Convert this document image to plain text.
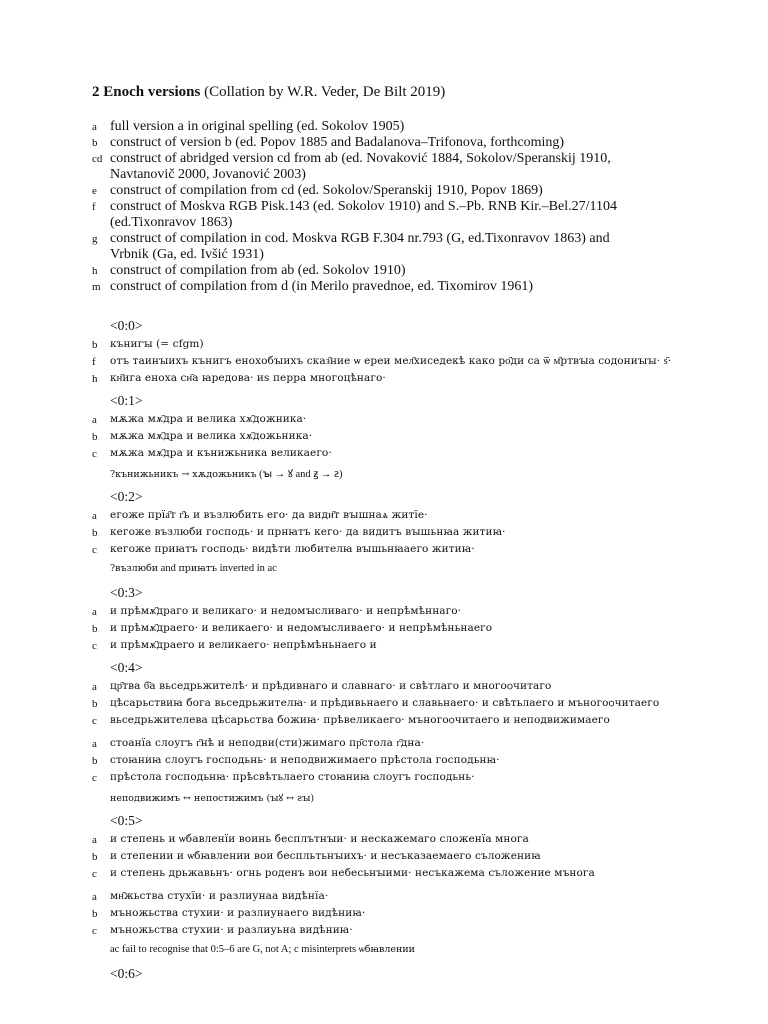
2 Enoch versions (Collation by W.R. Veder, De Bilt 2019)
a full version a in original spelling (ed. Sokolov 1905)
b construct of version b (ed. Popov 1885 and Badalanova–Trifonova, forthcoming)
cd construct of abridged version cd from ab (ed. Novaković 1884, Sokolov/Speranskij 1910,
Navtanovič 2000, Jovanović 2003)
e construct of compilation from cd (ed. Sokolov/Speranskij 1910, Popov 1869)
f	construct of Moskva RGB Pisk.143 (ed. Sokolov 1910) and S.–Pb. RNB Kir.–Bel.27/1104
(ed.Tixonravov 1863)
g construct of compilation in cod. Moskva RGB F.304 nr.793 (G, ed.Tixonravov 1863) and
Vrbnik (Ga, ed. Ivšić 1931)
h construct of compilation from ab (ed. Sokolov 1910)
m construct of compilation from d (in Merilo pravednoe, ed. Tixomirov 1961)
<0:0>
b	кънигꙑ (= cfgm)
f	отъ таинꙑихъ кънигъ енохобꙑихъ сказ҃ние ѡ ереи мел҃хиседекѣ како ро҃ди са ѿ м҃ртвꙑа содониꙑꙑ· ѕ҃·
h	кн҃ига еноха сн҃а ꙗредова· иѕ перра многоцѣнаго·
<0:1>
a	мѫжа мѫ҃дра и велика хѫ҃дожника·
b	мѫжа мѫ҃дра и велика хѫ҃дожьника·
c	мѫжа мѫ҃дра и кънижьника великаего·
?кънижьникъ → хѫдожьникъ (ꙑ → ꙋ and ꙃ → ꙅ)
<0:2>
a	егоже прїа҃т г҃ь и възлюбить его· да види҃т вꙑшнаѧ житїе·
b	кегоже възлюби господь· и прнꙗтъ кего· да видитъ вꙑшьнꙗа житиꙗ·
c	кегоже приꙗтъ господь· видѣти любителꙗ вꙑшьнꙗаего житиꙗ·
?възлюби and приꙗтъ inverted in ac
<0:3>
a	и прѣмѫ҃драго и великаго· и недомꙑсливаго· и непрѣмѣннаго·
b	и прѣмѫ҃драего· и великаего· и недомꙑсливаего· и непрѣмѣньнаего
c	и прѣмѫ҃драего и великаего· непрѣмѣньнаего и
<0:4>
a	цр҃тва б҃а вьседрьжителѣ· и прѣдивнаго и славнаго· и свѣтлаго и многоѻчитаго
b	цѣсарьствиꙗ бога вьседрьжителꙗ· и прѣдивьнаего и славьнаего· и свѣтьлаего и мъногоѻчитаего
c	вьседрьжителева цѣсарьства божиꙗ· прѣвеликаего· мъногоѻчитаего и неподвижимаего
a	стоанїа слоугъ г҃нѣ и неподви(сти)жимаго пр҃стола г҃дна·
b	стоꙗниꙗ слоугъ господьнь· и неподвижимаего прѣстола господьнꙗ·
c	прѣстола господьнꙗ· прѣсвѣтьлаего стоꙗниꙗ слоугъ господьнь·
неподвижимъ ↔ непостижимъ (ꙑꙋ ↔ ꙅꙑ)
<0:5>
a	и степень и ѡбавленїи воинь бесплътнꙑи· и нескажемаго сложенїа многа
b	и степении и ѡбꙗвлении вои беспльтьнꙑихъ· и несъказаемаего съложениꙗ
c	и степень дрьжавьнъ· огнь роденъ вои небесьнꙑими· несъкажема съложение мънога
a	мн҃жьства стухїи· и разлиунаа видѣнїа·
b	мъножьства стухии· и разлиунаего видѣниꙗ·
c	мъножьства стухии· и разлиуьна видѣниꙗ·
ac fail to recognise that 0:5–6 are G, not A; c misinterprets ѡбꙗвлении
<0:6>
